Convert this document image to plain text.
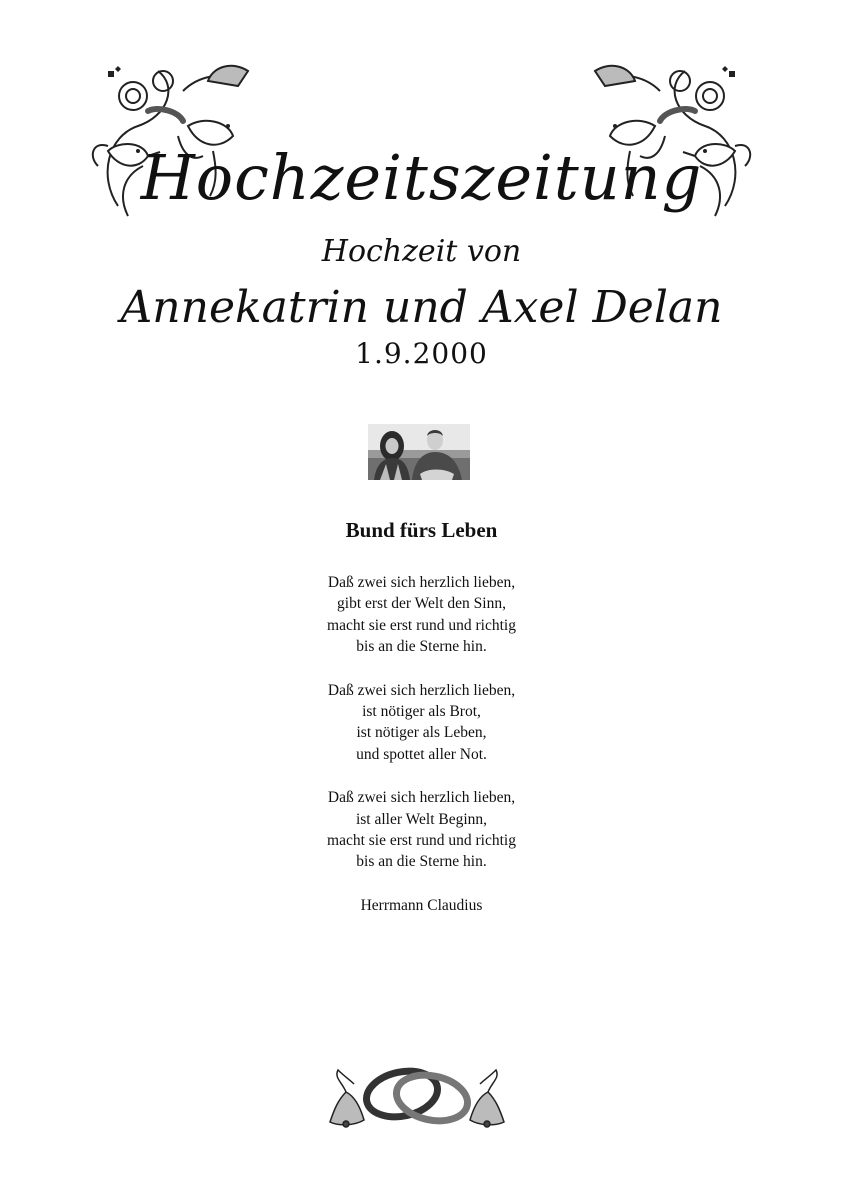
Hochzeitszeitung
Hochzeit von
Annekatrin und Axel Delan
1.9.2000
Bund fürs Leben
Daß zwei sich herzlich lieben,
gibt erst der Welt den Sinn,
macht sie erst rund und richtig
bis an die Sterne hin.
Daß zwei sich herzlich lieben,
ist nötiger als Brot,
ist nötiger als Leben,
und spottet aller Not.
Daß zwei sich herzlich lieben,
ist aller Welt Beginn,
macht sie erst rund und richtig
bis an die Sterne hin.
Herrmann Claudius
